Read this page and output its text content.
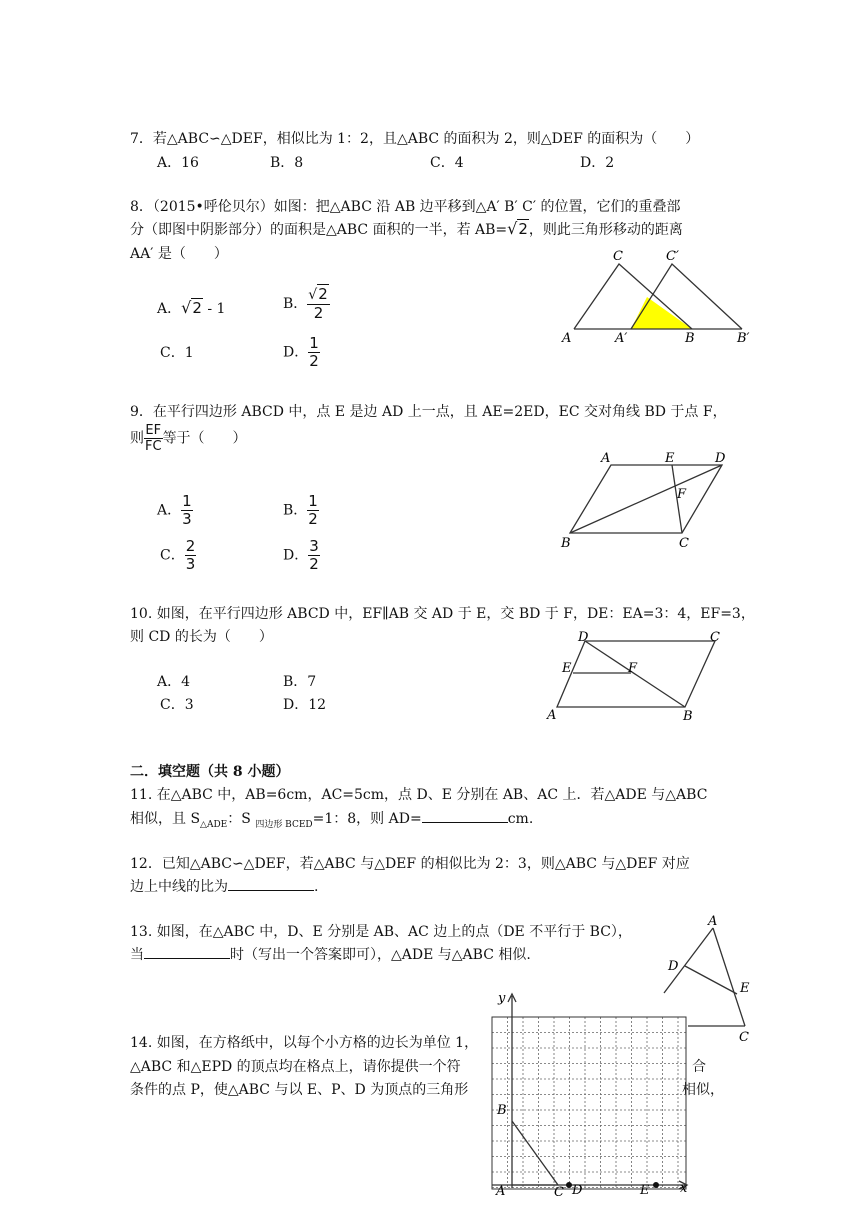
7．若△ABC∽△DEF，相似比为 1：2，且△ABC 的面积为 2，则△DEF 的面积为（　　）
A．16	B．8	C．4	D．2
8．（2015•呼伦贝尔）如图：把△ABC 沿 AB 边平移到△A′ B′ C′ 的位置，它们的重叠部
分（即图中阴影部分）的面积是△ABC 面积的一半，若 AB=√2，则此三角形移动的距离
AA′ 是（　　）
A．√2 - 1	B． $\frac{√2}{2}$
C．1	D． $\frac{1}{2}$
C	C′
A	A′	B	B′
9．在平行四边形 ABCD 中，点 E 是边 AD 上一点，且 AE=2ED，EC 交对角线 BD 于点 F，
则 $\frac{EF}{FC}$ 等于（　　）
A． $\frac{1}{3}$	B． $\frac{1}{2}$
C． $\frac{2}{3}$	D． $\frac{3}{2}$
A	E	D
F
B	C
10. 如图，在平行四边形 ABCD 中，EF∥AB 交 AD 于 E，交 BD 于 F，DE：EA=3：4，EF=3，
则 CD 的长为（　　）
A．4	B．7
C．3	D．12
D	C
E	F
A	B
二．填空题（共 8 小题）
11. 在△ABC 中，AB=6cm，AC=5cm，点 D、E 分别在 AB、AC 上．若△ADE 与△ABC
相似，且 $S_{\triangle ADE}$：S $_{四边形 BCED}$=1：8，则 AD=	cm.
12．已知△ABC∽△DEF，若△ABC 与△DEF 的相似比为 2：3，则△ABC 与△DEF 对应
边上中线的比为	.
13. 如图，在△ABC 中，D、E 分别是 AB、AC 边上的点（DE 不平行于 BC），
当	时（写出一个答案即可），△ADE 与△ABC 相似.
A
D
E
C
14. 如图，在方格纸中，以每个小方格的边长为单位 1，
△ABC 和△EPD 的顶点均在格点上，请你提供一个符	合
条件的点 P，使△ABC 与以 E、P、D 为顶点的三角形	相似，
y
x
B
A	C D	E
